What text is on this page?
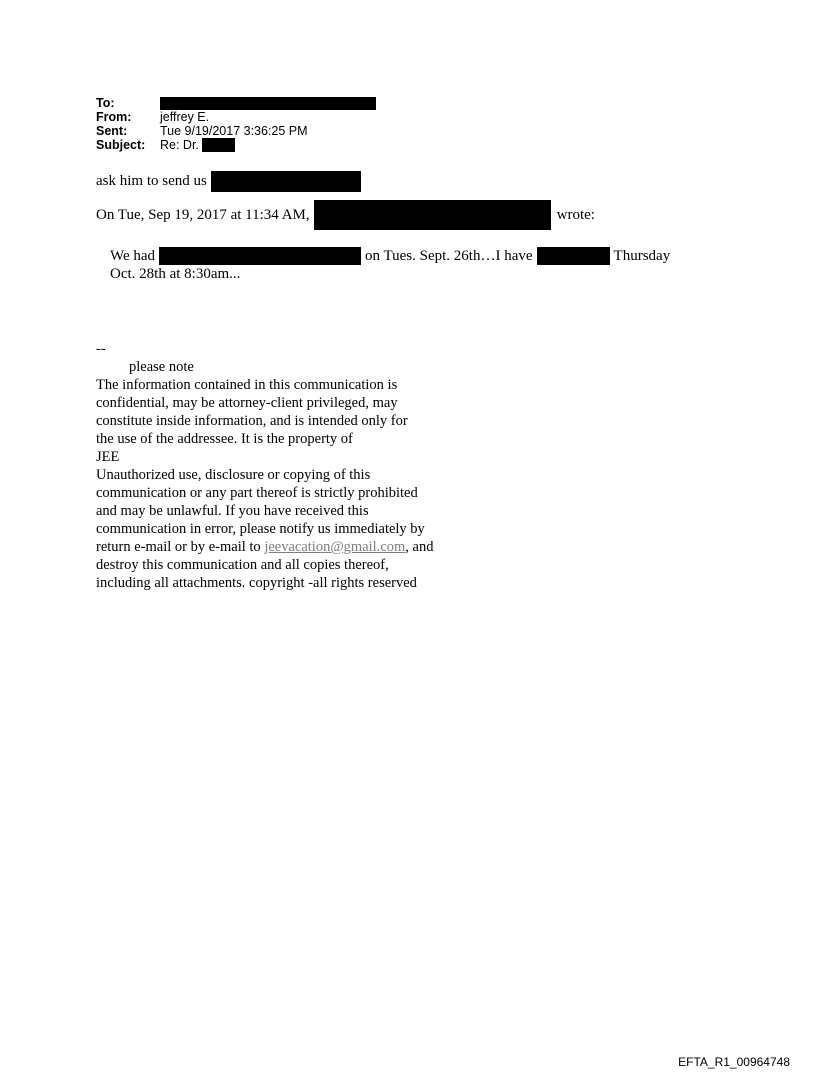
To:
From:	jeffrey E.
Sent:	Tue 9/19/2017 3:36:25 PM
Subject:	Re: Dr.
ask him to send us
On Tue, Sep 19, 2017 at 11:34 AM,	wrote:
We had	on Tues. Sept. 26th…I have	Thursday
Oct. 28th at 8:30am...
--
please note
The information contained in this communication is
confidential, may be attorney-client privileged, may
constitute inside information, and is intended only for
the use of the addressee. It is the property of
JEE
Unauthorized use, disclosure or copying of this
communication or any part thereof is strictly prohibited
and may be unlawful. If you have received this
communication in error, please notify us immediately by
return e-mail or by e-mail to jeevacation@gmail.com, and
destroy this communication and all copies thereof,
including all attachments. copyright -all rights reserved
EFTA_R1_00964748
